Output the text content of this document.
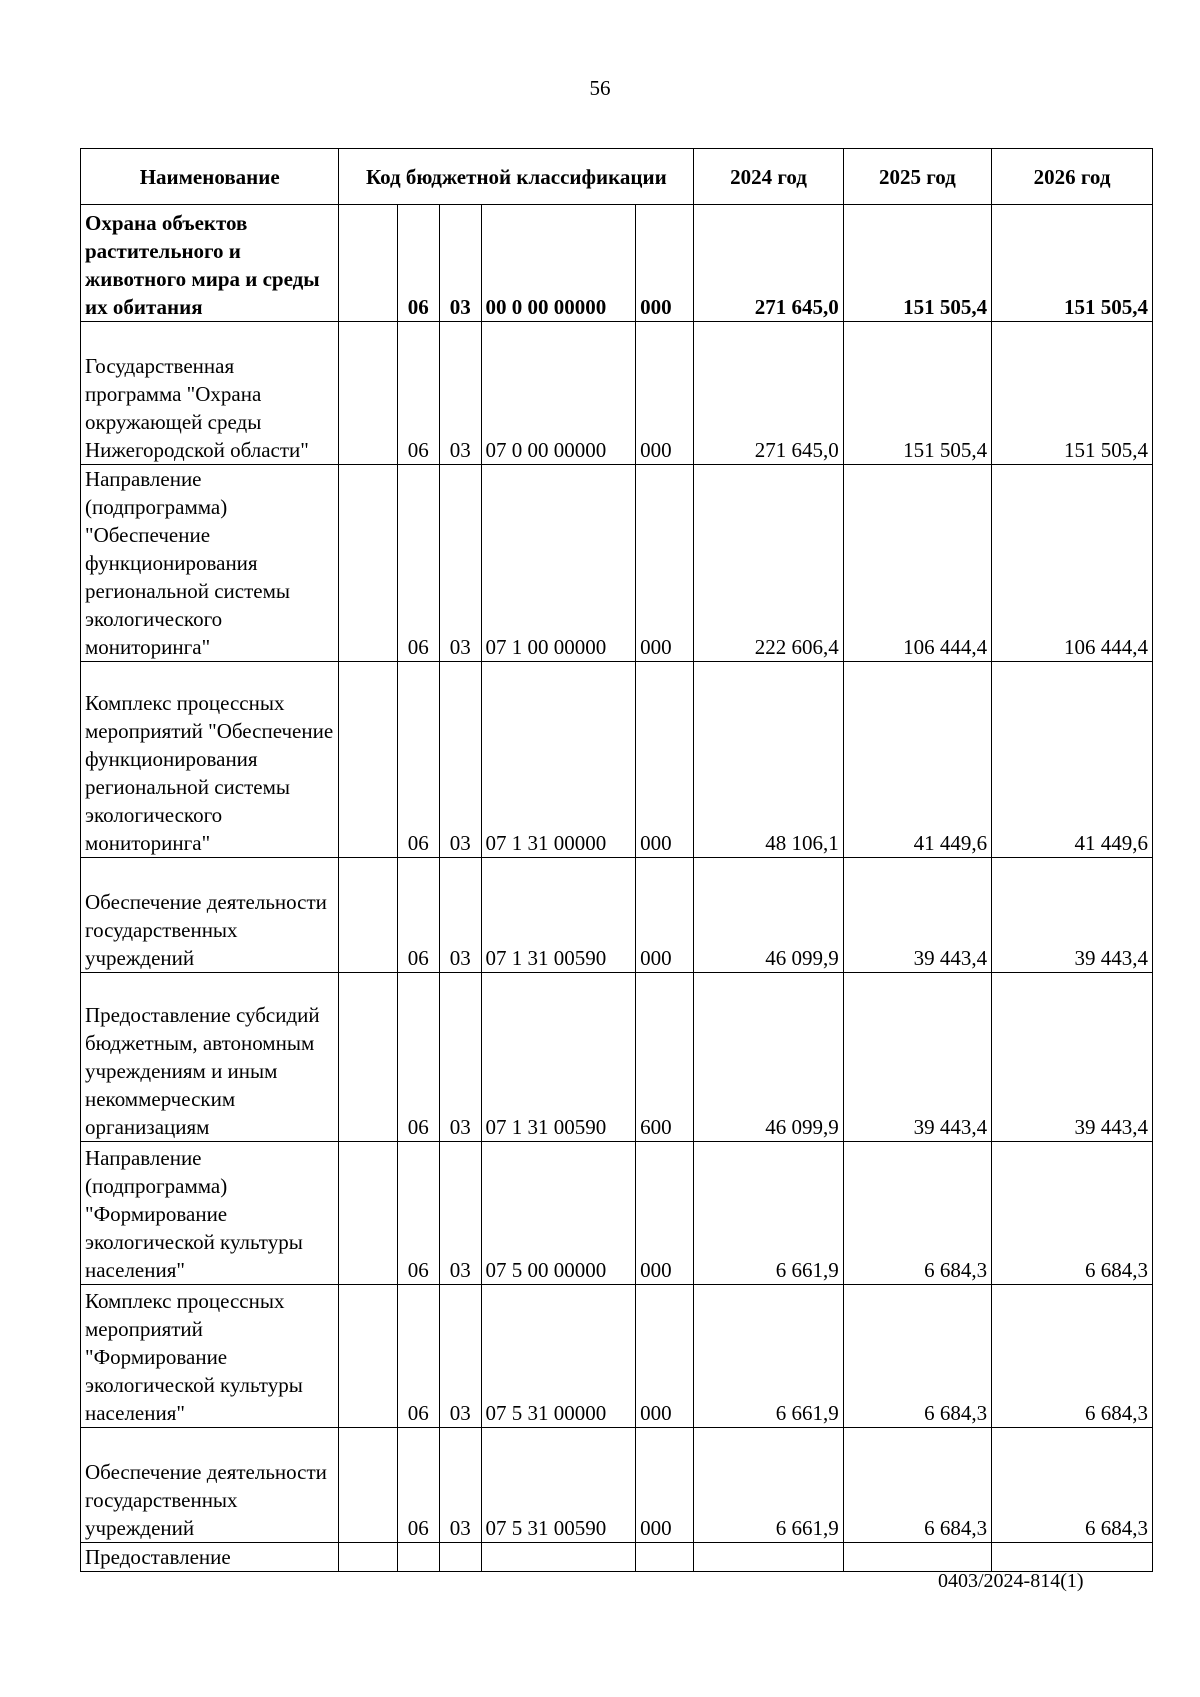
56
Наименование	Код бюджетной классификации					2024 год	2025 год	2026 год
Охрана объектов растительного и животного мира и среды их обитания		06	03	00 0 00 00000	000	271 645,0	151 505,4	151 505,4
Государственная программа "Охрана окружающей среды Нижегородской области"		06	03	07 0 00 00000	000	271 645,0	151 505,4	151 505,4
Направление (подпрограмма) "Обеспечение функционирования региональной системы экологического мониторинга"		06	03	07 1 00 00000	000	222 606,4	106 444,4	106 444,4
Комплекс процессных мероприятий "Обеспечение функционирования региональной системы экологического мониторинга"		06	03	07 1 31 00000	000	48 106,1	41 449,6	41 449,6
Обеспечение деятельности государственных учреждений		06	03	07 1 31 00590	000	46 099,9	39 443,4	39 443,4
Предоставление субсидий бюджетным, автономным учреждениям и иным некоммерческим организациям		06	03	07 1 31 00590	600	46 099,9	39 443,4	39 443,4
Направление (подпрограмма) "Формирование экологической культуры населения"		06	03	07 5 00 00000	000	6 661,9	6 684,3	6 684,3
Комплекс процессных мероприятий "Формирование экологической культуры населения"		06	03	07 5 31 00000	000	6 661,9	6 684,3	6 684,3
Обеспечение деятельности государственных учреждений		06	03	07 5 31 00590	000	6 661,9	6 684,3	6 684,3
Предоставление								
0403/2024-814(1)
